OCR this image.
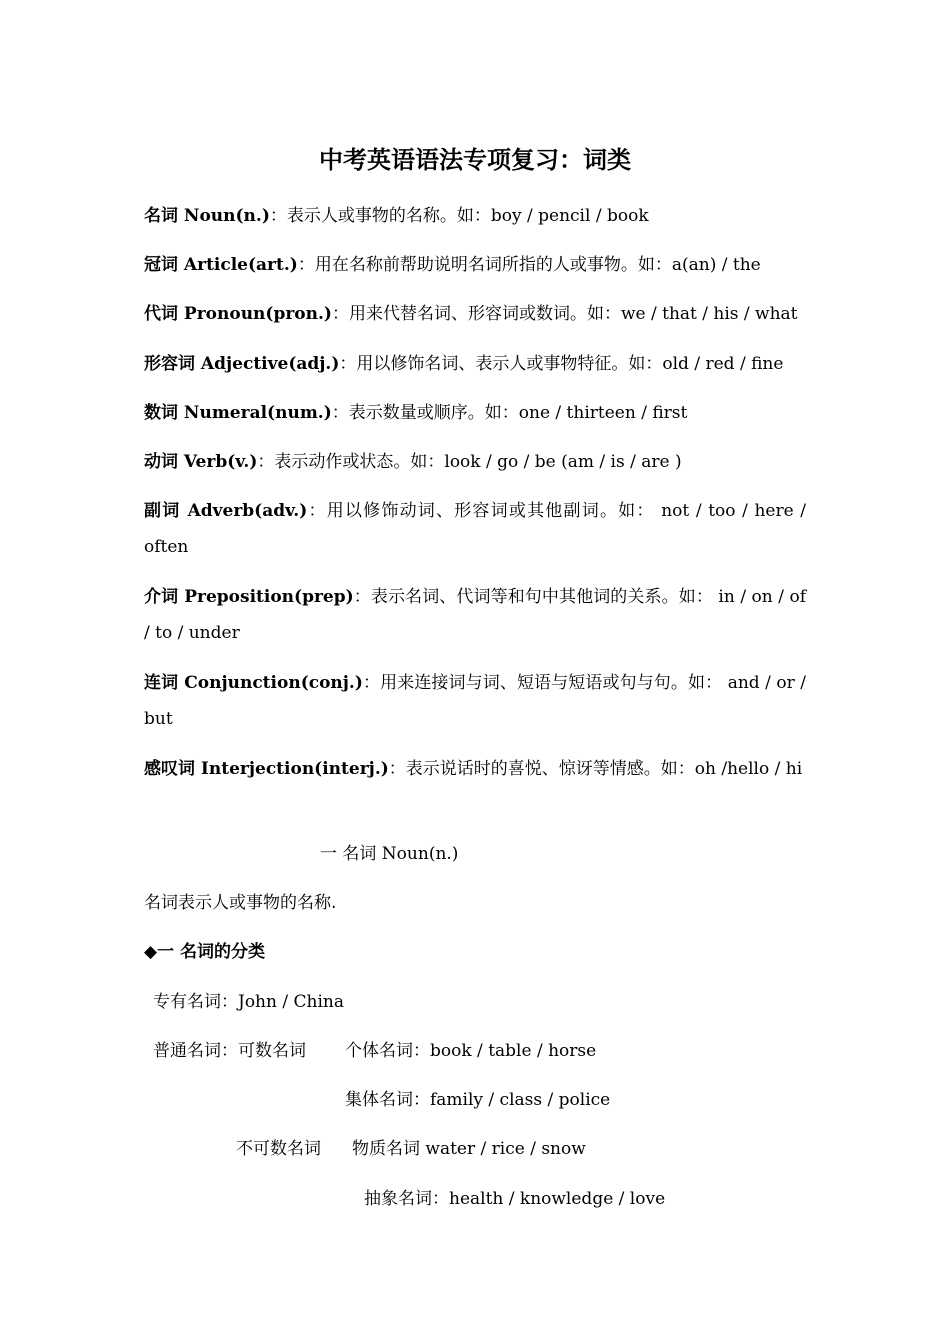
中考英语语法专项复习：词类
名词 Noun(n.)：表示人或事物的名称。如：boy / pencil / book
冠词 Article(art.)：用在名称前帮助说明名词所指的人或事物。如：a(an) / the
代词 Pronoun(pron.)：用来代替名词、形容词或数词。如：we / that / his / what
形容词 Adjective(adj.)：用以修饰名词、表示人或事物特征。如：old / red / fine
数词 Numeral(num.)：表示数量或顺序。如：one / thirteen / first
动词 Verb(v.)：表示动作或状态。如：look / go / be (am / is / are )
副词 Adverb(adv.)：用以修饰动词、形容词或其他副词。如： not / too / here / often
介词 Preposition(prep)：表示名词、代词等和句中其他词的关系。如： in / on / of / to / under
连词 Conjunction(conj.)：用来连接词与词、短语与短语或句与句。如： and / or / but
感叹词 Interjection(interj.)：表示说话时的喜悦、惊讶等情感。如：oh /hello / hi
一 名词 Noun(n.)
名词表示人或事物的名称.
◆一 名词的分类
专有名词：John / China
普通名词：可数名词 个体名词：book / table / horse
集体名词：family / class / police
不可数名词 物质名词 water / rice / snow
抽象名词：health / knowledge / love
